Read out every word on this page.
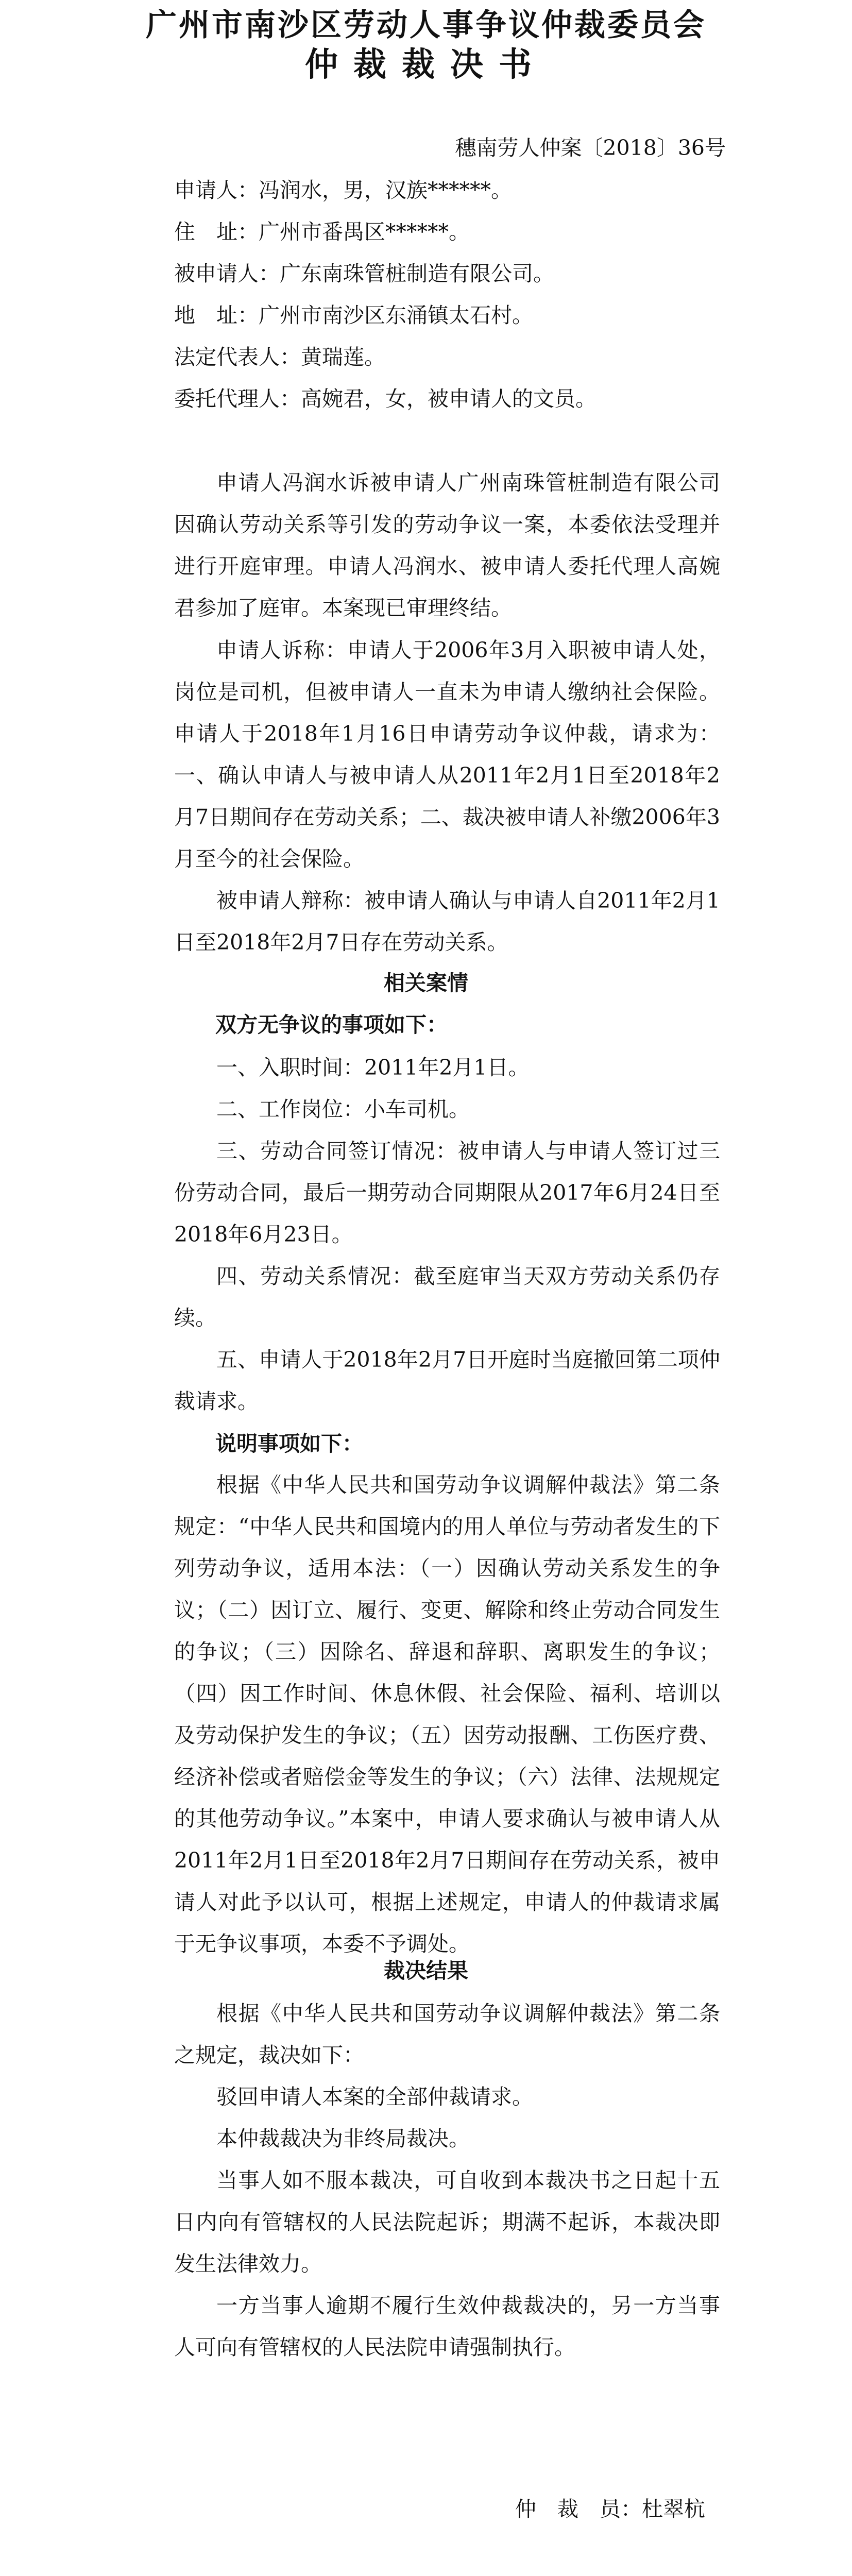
广州市南沙区劳动人事争议仲裁委员会
仲裁裁决书
穗南劳人仲案〔2018〕36号
申请人：冯润水，男，汉族******。
住　址：广州市番禺区******。
被申请人：广东南珠管桩制造有限公司。
地　址：广州市南沙区东涌镇太石村。
法定代表人：黄瑞莲。
委托代理人：高婉君，女，被申请人的文员。
申请人冯润水诉被申请人广州南珠管桩制造有限公司因确认劳动关系等引发的劳动争议一案，本委依法受理并进行开庭审理。申请人冯润水、被申请人委托代理人高婉君参加了庭审。本案现已审理终结。
申请人诉称：申请人于2006年3月入职被申请人处，岗位是司机，但被申请人一直未为申请人缴纳社会保险。申请人于2018年1月16日申请劳动争议仲裁，请求为：一、确认申请人与被申请人从2011年2月1日至2018年2月7日期间存在劳动关系；二、裁决被申请人补缴2006年3月至今的社会保险。
被申请人辩称：被申请人确认与申请人自2011年2月1日至2018年2月7日存在劳动关系。
相关案情
双方无争议的事项如下：
一、入职时间：2011年2月1日。
二、工作岗位：小车司机。
三、劳动合同签订情况：被申请人与申请人签订过三份劳动合同，最后一期劳动合同期限从2017年6月24日至2018年6月23日。
四、劳动关系情况：截至庭审当天双方劳动关系仍存续。
五、申请人于2018年2月7日开庭时当庭撤回第二项仲裁请求。
说明事项如下：
根据《中华人民共和国劳动争议调解仲裁法》第二条规定：“中华人民共和国境内的用人单位与劳动者发生的下列劳动争议，适用本法：（一）因确认劳动关系发生的争议；（二）因订立、履行、变更、解除和终止劳动合同发生的争议；（三）因除名、辞退和辞职、离职发生的争议；（四）因工作时间、休息休假、社会保险、福利、培训以及劳动保护发生的争议；（五）因劳动报酬、工伤医疗费、经济补偿或者赔偿金等发生的争议；（六）法律、法规规定的其他劳动争议。”本案中，申请人要求确认与被申请人从2011年2月1日至2018年2月7日期间存在劳动关系，被申请人对此予以认可，根据上述规定，申请人的仲裁请求属于无争议事项，本委不予调处。
裁决结果
根据《中华人民共和国劳动争议调解仲裁法》第二条之规定，裁决如下：
驳回申请人本案的全部仲裁请求。
本仲裁裁决为非终局裁决。
当事人如不服本裁决，可自收到本裁决书之日起十五日内向有管辖权的人民法院起诉；期满不起诉，本裁决即发生法律效力。
一方当事人逾期不履行生效仲裁裁决的，另一方当事人可向有管辖权的人民法院申请强制执行。
仲　裁　员：杜翠杭
